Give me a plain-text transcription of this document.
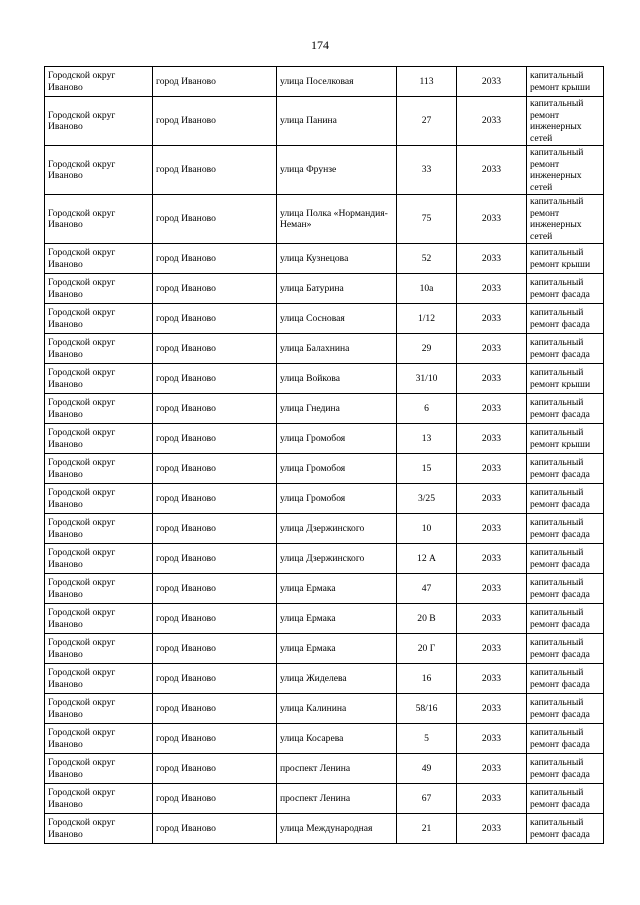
174
Городской округ Иваново	город Иваново	улица Поселковая	113	2033	капитальный ремонт крыши
Городской округ Иваново	город Иваново	улица Панина	27	2033	капитальный ремонт инженерных сетей
Городской округ Иваново	город Иваново	улица Фрунзе	33	2033	капитальный ремонт инженерных сетей
Городской округ Иваново	город Иваново	улица Полка «Нормандия-Неман»	75	2033	капитальный ремонт инженерных сетей
Городской округ Иваново	город Иваново	улица Кузнецова	52	2033	капитальный ремонт крыши
Городской округ Иваново	город Иваново	улица Батурина	10а	2033	капитальный ремонт фасада
Городской округ Иваново	город Иваново	улица Сосновая	1/12	2033	капитальный ремонт фасада
Городской округ Иваново	город Иваново	улица Балахнина	29	2033	капитальный ремонт фасада
Городской округ Иваново	город Иваново	улица Войкова	31/10	2033	капитальный ремонт крыши
Городской округ Иваново	город Иваново	улица Гнедина	6	2033	капитальный ремонт фасада
Городской округ Иваново	город Иваново	улица Громобоя	13	2033	капитальный ремонт крыши
Городской округ Иваново	город Иваново	улица Громобоя	15	2033	капитальный ремонт фасада
Городской округ Иваново	город Иваново	улица Громобоя	3/25	2033	капитальный ремонт фасада
Городской округ Иваново	город Иваново	улица Дзержинского	10	2033	капитальный ремонт фасада
Городской округ Иваново	город Иваново	улица Дзержинского	12 А	2033	капитальный ремонт фасада
Городской округ Иваново	город Иваново	улица Ермака	47	2033	капитальный ремонт фасада
Городской округ Иваново	город Иваново	улица Ермака	20 В	2033	капитальный ремонт фасада
Городской округ Иваново	город Иваново	улица Ермака	20 Г	2033	капитальный ремонт фасада
Городской округ Иваново	город Иваново	улица Жиделева	16	2033	капитальный ремонт фасада
Городской округ Иваново	город Иваново	улица Калинина	58/16	2033	капитальный ремонт фасада
Городской округ Иваново	город Иваново	улица Косарева	5	2033	капитальный ремонт фасада
Городской округ Иваново	город Иваново	проспект Ленина	49	2033	капитальный ремонт фасада
Городской округ Иваново	город Иваново	проспект Ленина	67	2033	капитальный ремонт фасада
Городской округ Иваново	город Иваново	улица Международная	21	2033	капитальный ремонт фасада
